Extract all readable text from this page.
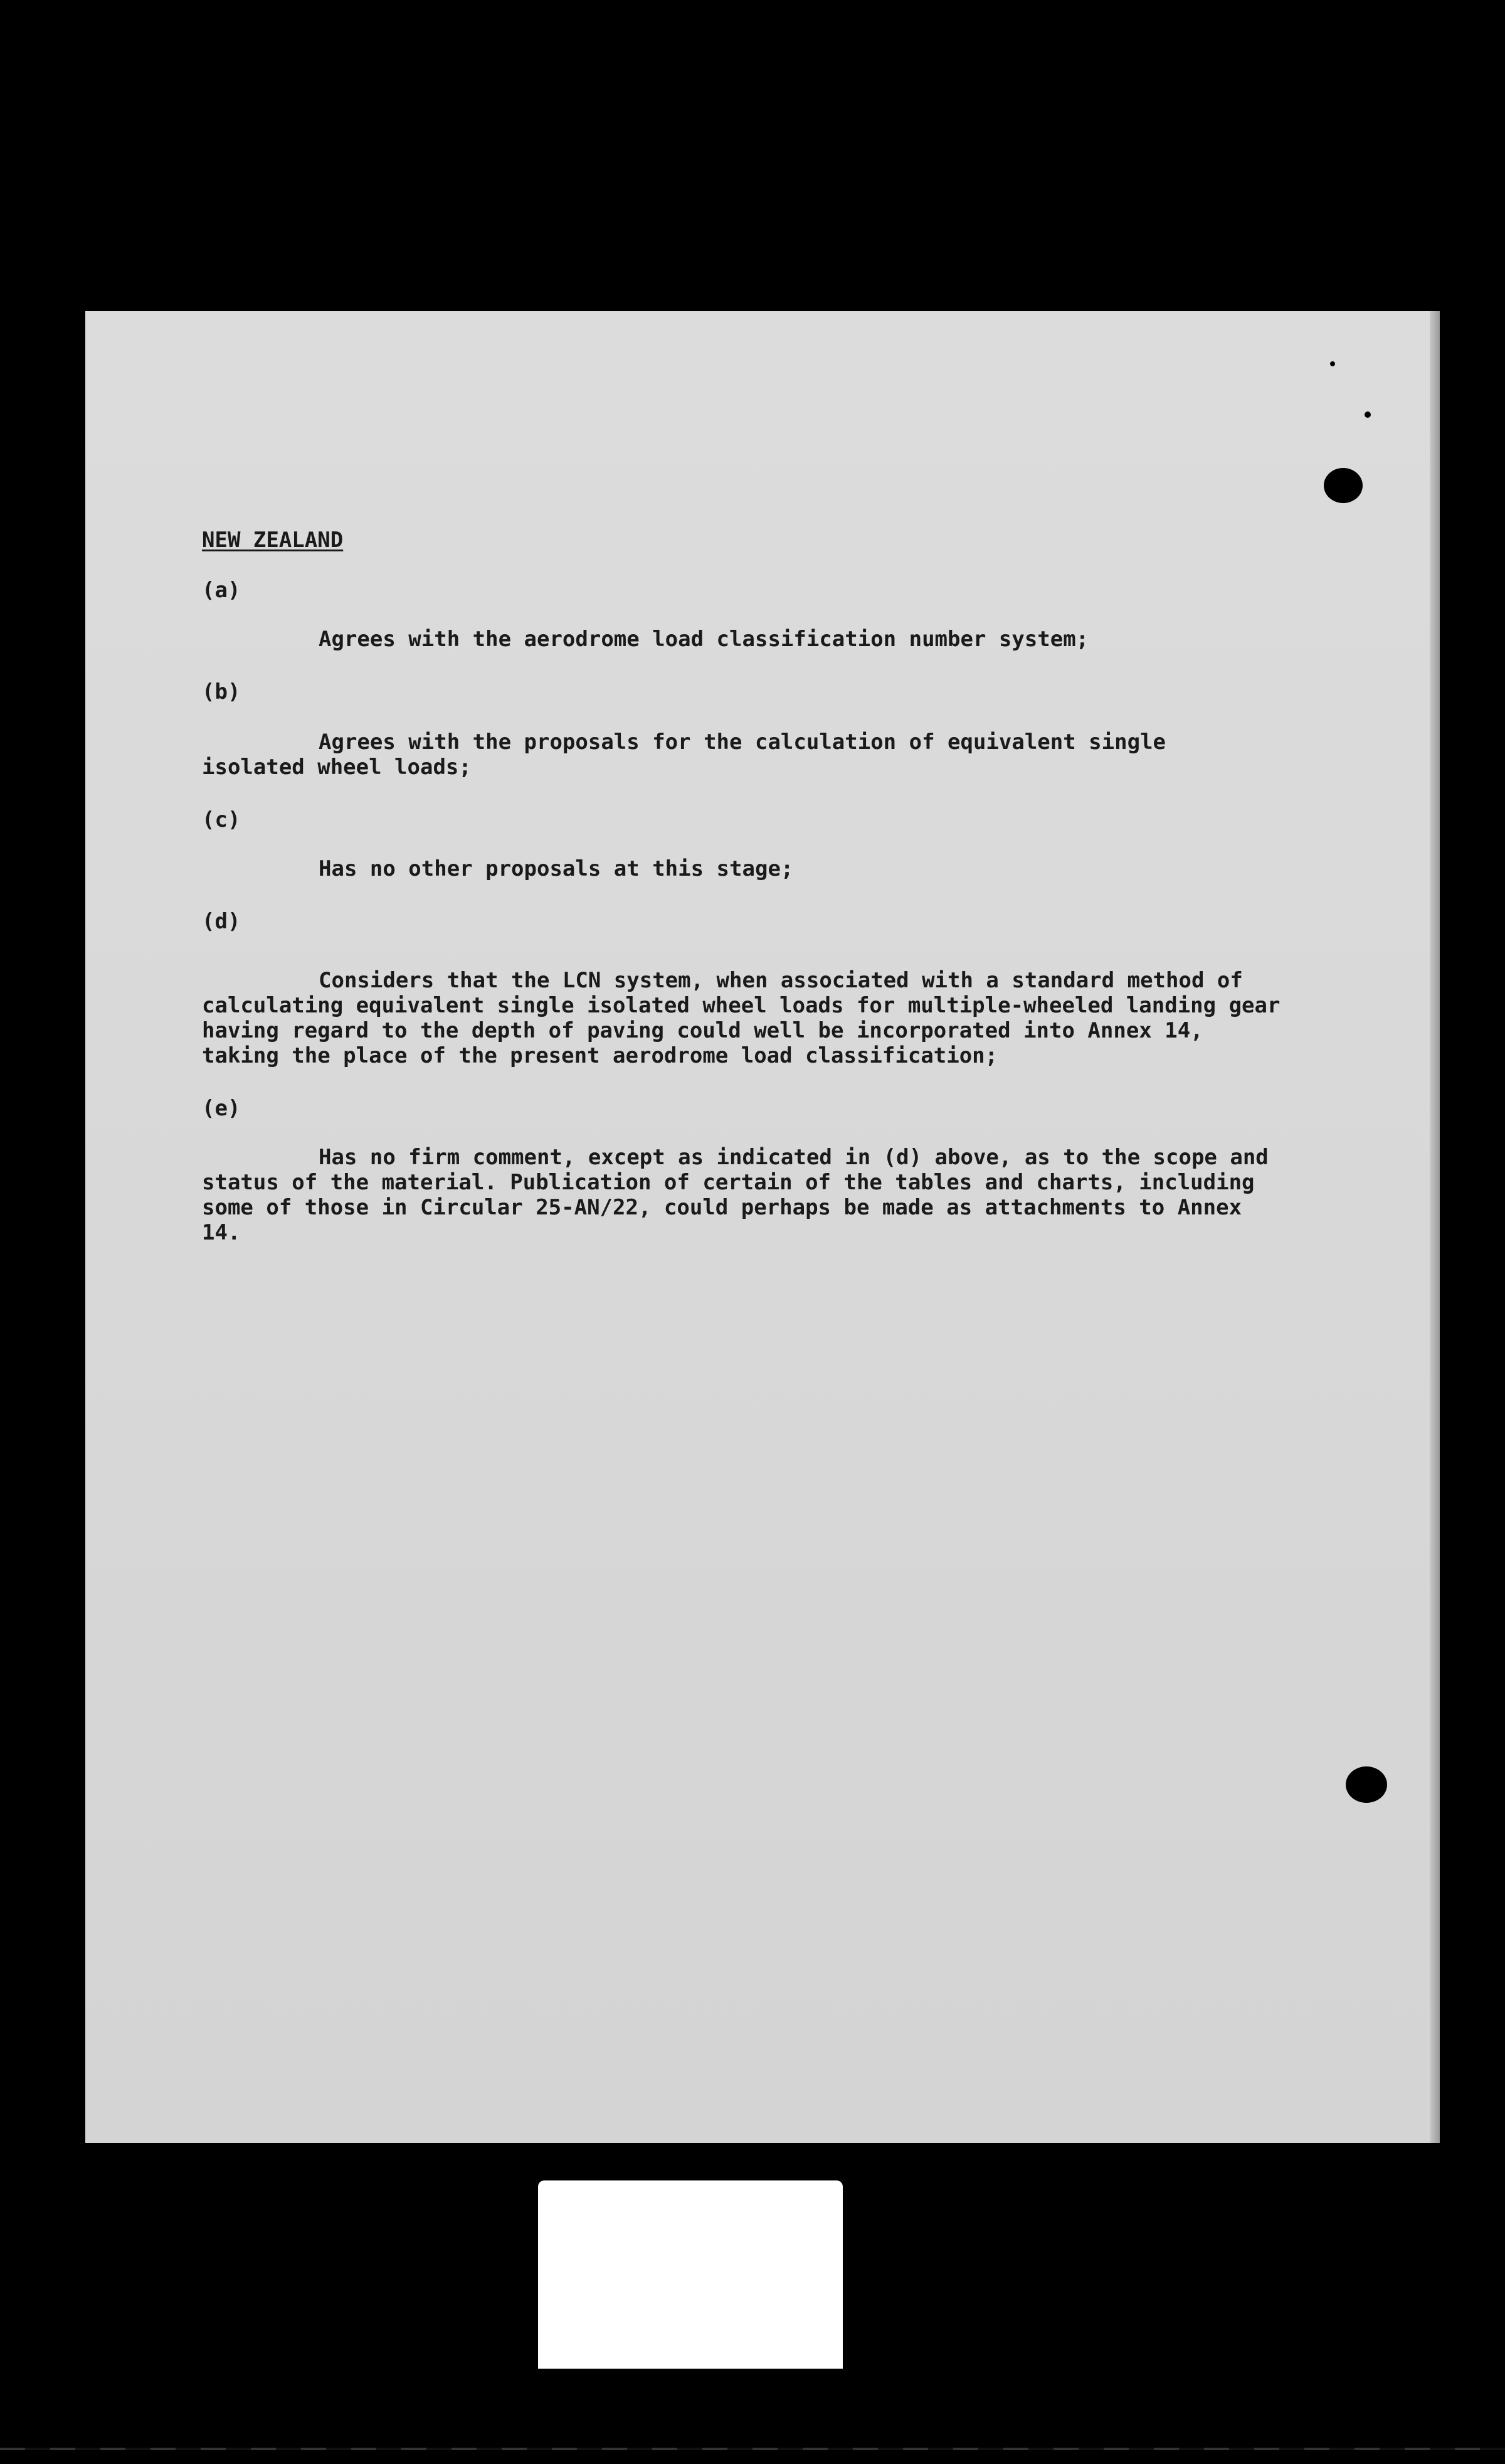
NEW ZEALAND
(a)

Agrees with the aerodrome load classification number system;

(b)

Agrees with the proposals for the calculation of equivalent single isolated wheel loads;

(c)

Has no other proposals at this stage;

(d)

Considers that the LCN system, when associated with a standard method of calculating equivalent single isolated wheel loads for multiple-wheeled landing gear having regard to the depth of paving could well be incorporated into Annex 14, taking the place of the present aerodrome load classification;

(e)

Has no firm comment, except as indicated in (d) above, as to the scope and status of the material. Publication of certain of the tables and charts, including some of those in Circular 25-AN/22, could perhaps be made as attachments to Annex 14.
